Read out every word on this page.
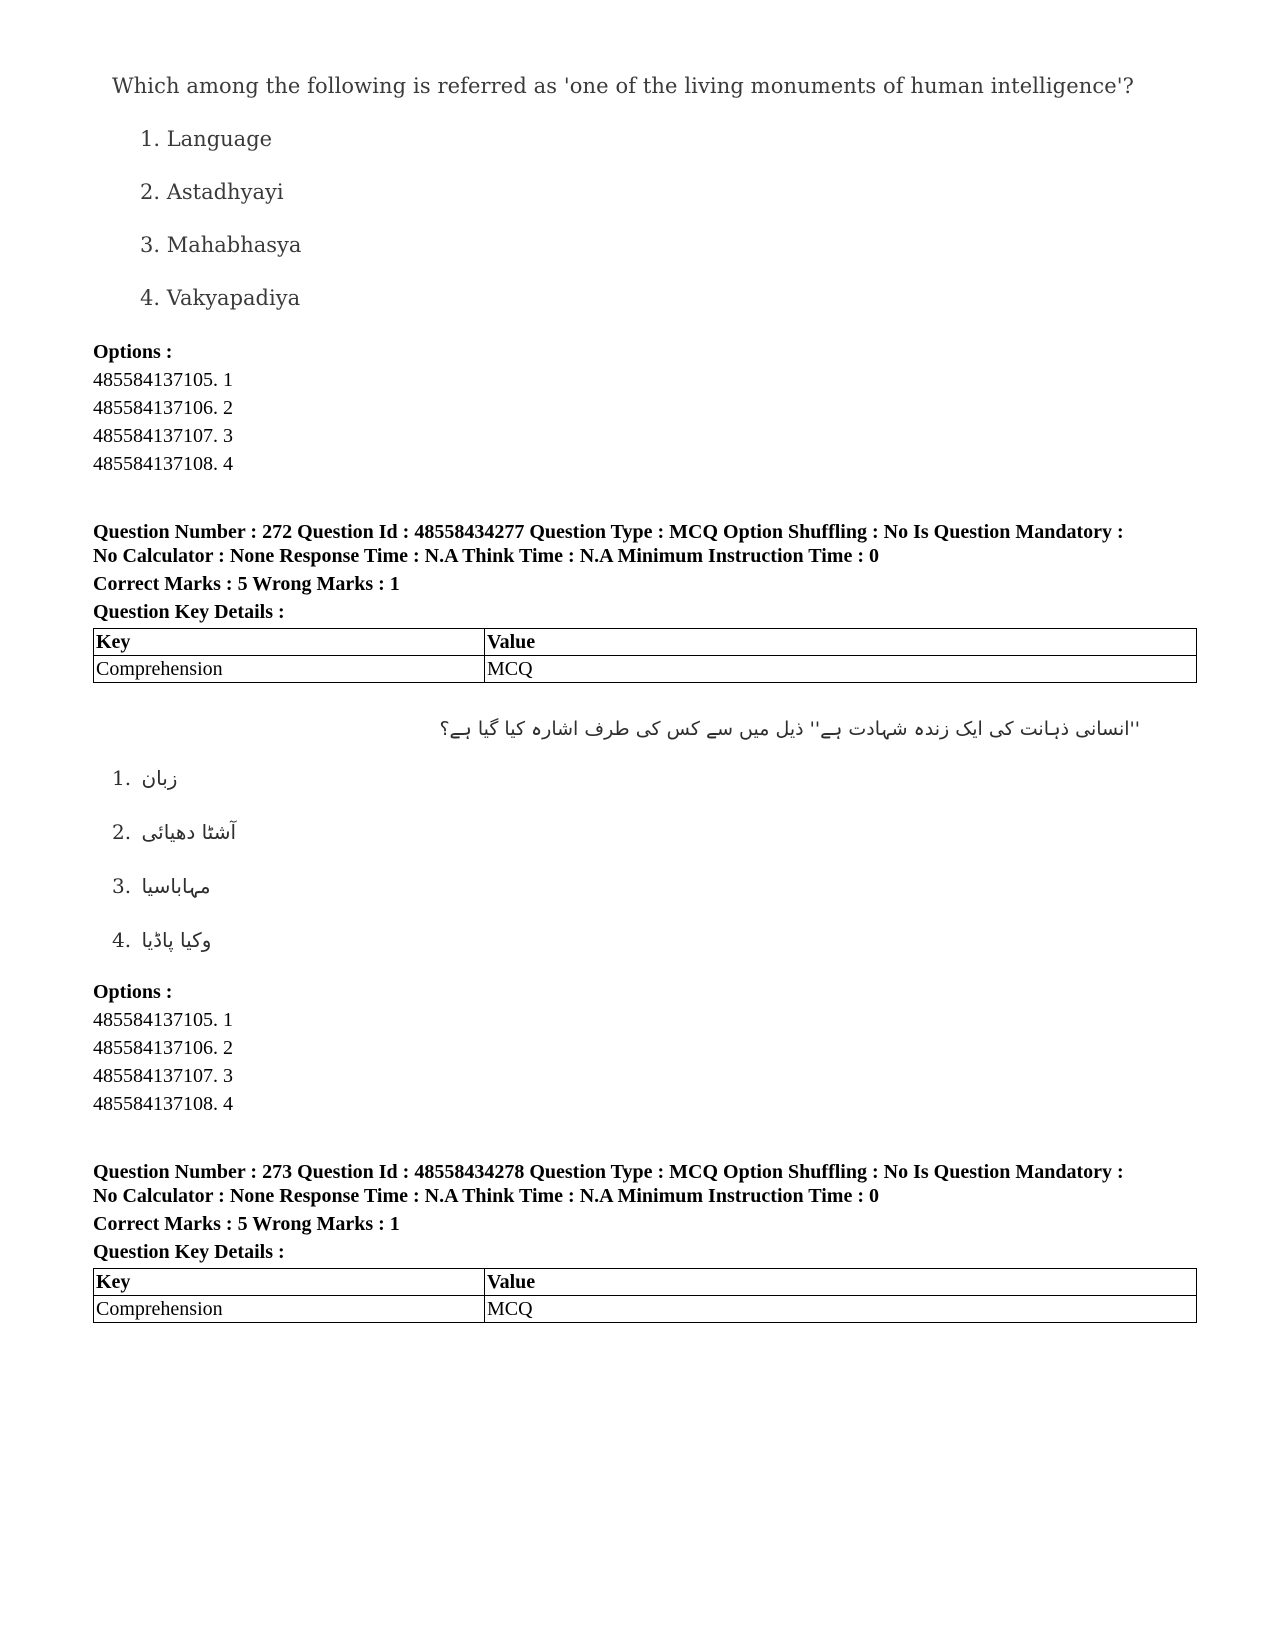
Which among the following is referred as 'one of the living monuments of human intelligence'?
1. Language
2. Astadhyayi
3. Mahabhasya
4. Vakyapadiya
Options :
485584137105. 1
485584137106. 2
485584137107. 3
485584137108. 4
Question Number : 272 Question Id : 48558434277 Question Type : MCQ Option Shuffling : No Is Question Mandatory :
No Calculator : None Response Time : N.A Think Time : N.A Minimum Instruction Time : 0
Correct Marks : 5 Wrong Marks : 1
Question Key Details :
Key	Value
Comprehension	MCQ
''انسانی ذہانت کی ایک زندہ شہادت ہے'' ذیل میں سے کس کی طرف اشارہ کیا گیا ہے؟
1. زبان
2. آشٹا دھیائی
3. مہاباسیا
4. وکیا پاڈیا
Options :
485584137105. 1
485584137106. 2
485584137107. 3
485584137108. 4
Question Number : 273 Question Id : 48558434278 Question Type : MCQ Option Shuffling : No Is Question Mandatory :
No Calculator : None Response Time : N.A Think Time : N.A Minimum Instruction Time : 0
Correct Marks : 5 Wrong Marks : 1
Question Key Details :
Key	Value
Comprehension	MCQ
